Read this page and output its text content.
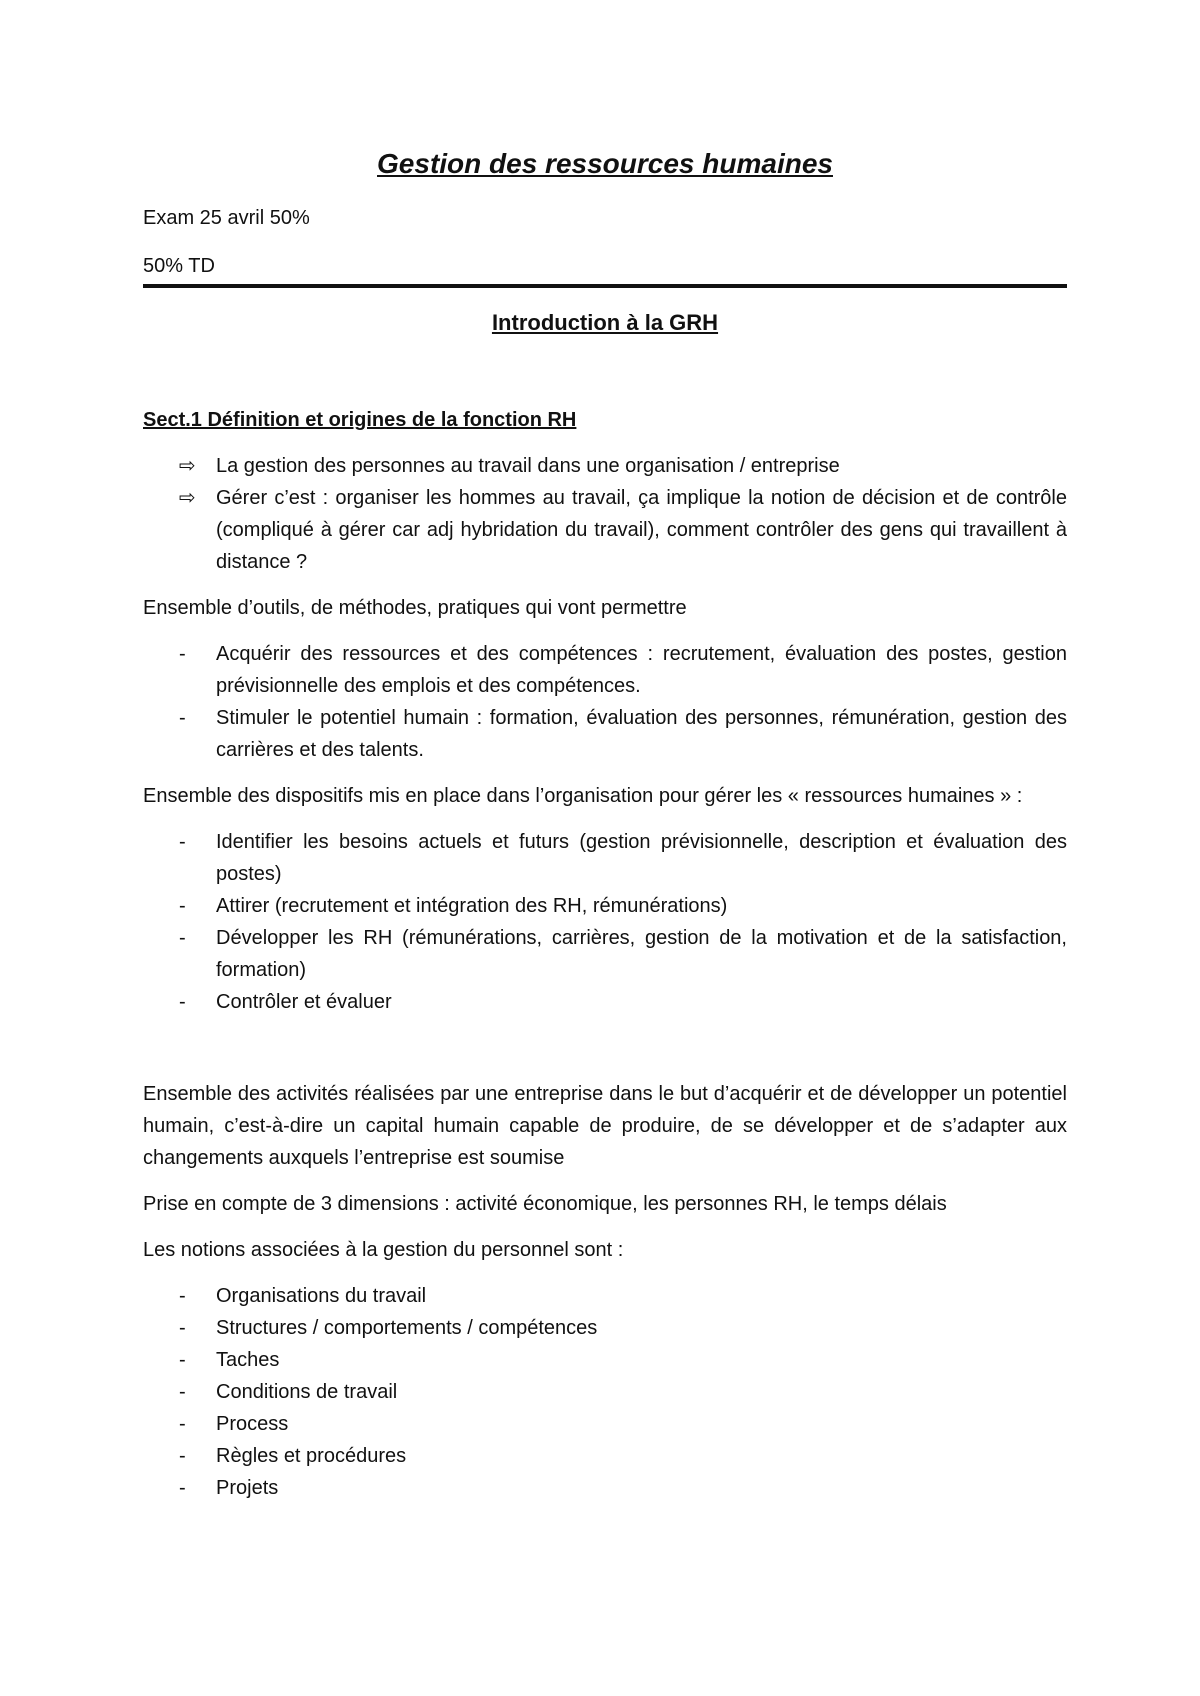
Gestion des ressources humaines
Exam 25 avril 50%
50% TD
Introduction à la GRH
Sect.1 Définition et origines de la fonction RH
⇨	La gestion des personnes au travail dans une organisation / entreprise
⇨	Gérer c’est : organiser les hommes au travail, ça implique la notion de décision et de contrôle (compliqué à gérer car adj hybridation du travail), comment contrôler des gens qui travaillent à distance ?

Ensemble d’outils, de méthodes, pratiques qui vont permettre

-	Acquérir des ressources et des compétences : recrutement, évaluation des postes, gestion prévisionnelle des emplois et des compétences.
-	Stimuler le potentiel humain : formation, évaluation des personnes, rémunération, gestion des carrières et des talents.

Ensemble des dispositifs mis en place dans l’organisation pour gérer les « ressources humaines » :

-	Identifier les besoins actuels et futurs (gestion prévisionnelle, description et évaluation des postes)
-	Attirer (recrutement et intégration des RH, rémunérations)
-	Développer les RH (rémunérations, carrières, gestion de la motivation et de la satisfaction, formation)
-	Contrôler et évaluer

Ensemble des activités réalisées par une entreprise dans le but d’acquérir et de développer un potentiel humain, c’est-à-dire un capital humain capable de produire, de se développer et de s’adapter aux changements auxquels l’entreprise est soumise

Prise en compte de 3 dimensions : activité économique, les personnes RH, le temps délais

Les notions associées à la gestion du personnel sont :

-	Organisations du travail
-	Structures / comportements / compétences
-	Taches
-	Conditions de travail
-	Process
-	Règles et procédures
-	Projets
